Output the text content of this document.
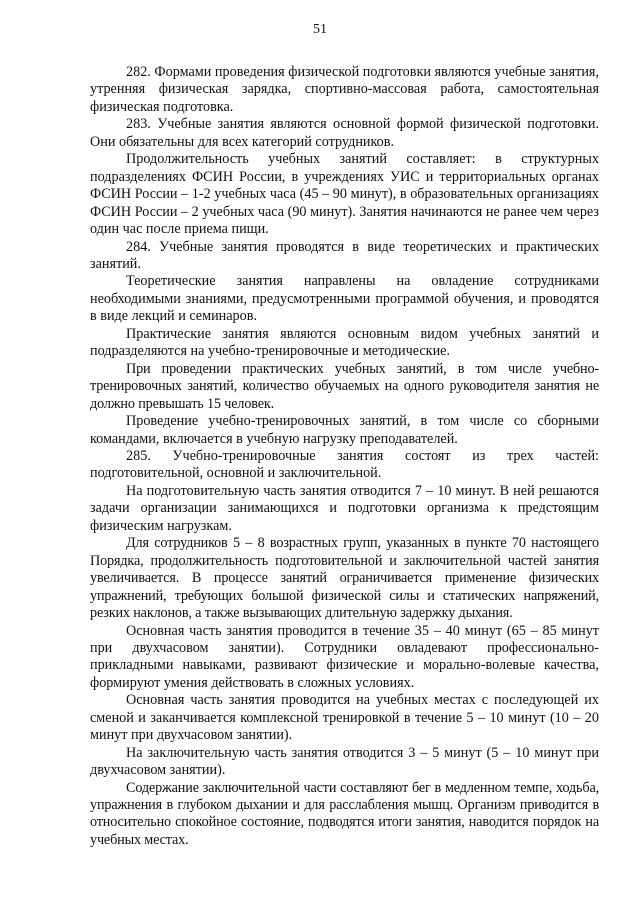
51

282. Формами проведения физической подготовки являются учебные занятия, утренняя физическая зарядка, спортивно-массовая работа, самостоятельная физическая подготовка.

283. Учебные занятия являются основной формой физической подготовки. Они обязательны для всех категорий сотрудников.

Продолжительность учебных занятий составляет: в структурных подразделениях ФСИН России, в учреждениях УИС и территориальных органах ФСИН России – 1-2 учебных часа (45 – 90 минут), в образовательных организациях ФСИН России – 2 учебных часа (90 минут). Занятия начинаются не ранее чем через один час после приема пищи.

284. Учебные занятия проводятся в виде теоретических и практических занятий.

Теоретические занятия направлены на овладение сотрудниками необходимыми знаниями, предусмотренными программой обучения, и проводятся в виде лекций и семинаров.

Практические занятия являются основным видом учебных занятий и подразделяются на учебно-тренировочные и методические.

При проведении практических учебных занятий, в том числе учебно-тренировочных занятий, количество обучаемых на одного руководителя занятия не должно превышать 15 человек.

Проведение учебно-тренировочных занятий, в том числе со сборными командами, включается в учебную нагрузку преподавателей.

285. Учебно-тренировочные занятия состоят из трех частей: подготовительной, основной и заключительной.

На подготовительную часть занятия отводится 7 – 10 минут. В ней решаются задачи организации занимающихся и подготовки организма к предстоящим физическим нагрузкам.

Для сотрудников 5 – 8 возрастных групп, указанных в пункте 70 настоящего Порядка, продолжительность подготовительной и заключительной частей занятия увеличивается. В процессе занятий ограничивается применение физических упражнений, требующих большой физической силы и статических напряжений, резких наклонов, а также вызывающих длительную задержку дыхания.

Основная часть занятия проводится в течение 35 – 40 минут (65 – 85 минут при двухчасовом занятии). Сотрудники овладевают профессионально-прикладными навыками, развивают физические и морально-волевые качества, формируют умения действовать в сложных условиях.

Основная часть занятия проводится на учебных местах с последующей их сменой и заканчивается комплексной тренировкой в течение 5 – 10 минут (10 – 20 минут при двухчасовом занятии).

На заключительную часть занятия отводится 3 – 5 минут (5 – 10 минут при двухчасовом занятии).

Содержание заключительной части составляют бег в медленном темпе, ходьба, упражнения в глубоком дыхании и для расслабления мышц. Организм приводится в относительно спокойное состояние, подводятся итоги занятия, наводится порядок на учебных местах.
